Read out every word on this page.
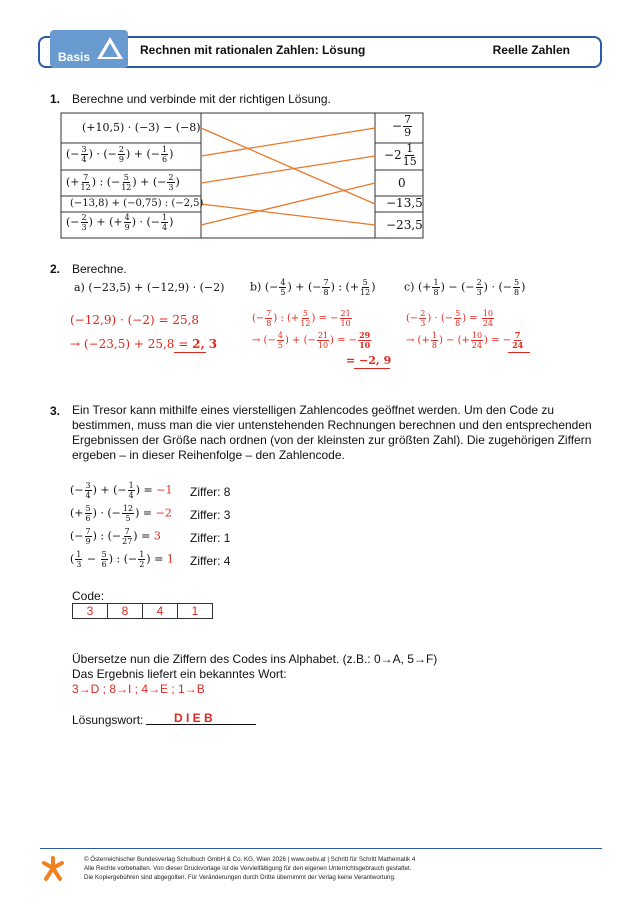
Basis	Rechnen mit rationalen Zahlen: Lösung	Reelle Zahlen
1. Berechne und verbinde mit der richtigen Lösung.
(+10,5) · (−3) − (−8)
(− $\frac{3}{4}$ ) · (− $\frac{2}{9}$ ) + (− $\frac{1}{6}$ )
(+ $\frac{7}{12}$ ) : (− $\frac{5}{12}$ ) + (− $\frac{2}{3}$ )
(−13,8) + (−0,75) : (−2,5)
(− $\frac{2}{3}$ ) + (+ $\frac{4}{9}$ ) · (− $\frac{1}{4}$ )
− $\frac{7}{9}$
$-2 \frac{1}{15}$
0
−13,5
−23,5
2. Berechne.
a) (−23,5) + (−12,9) · (−2) b) (− $\frac{4}{5}$ ) + (− $\frac{7}{8}$ ) : (+ $\frac{5}{12}$ )	c) (+ $\frac{1}{8}$ ) − (− $\frac{2}{3}$ ) · (− $\frac{5}{8}$ )
(−12,9) · (−2) = 25,8
→ (−23,5) + 25,8 = 2, 3
(− $\frac{7}{8}$ ) : (+ $\frac{5}{12}$ ) = − $\frac{21}{10}$
→ (− $\frac{4}{5}$ ) + (− $\frac{21}{10}$ ) = − $\frac{29}{10}$
= −2, 9
(− $\frac{2}{3}$ ) · (− $\frac{5}{8}$ ) = $\frac{10}{24}$
→ (+ $\frac{1}{8}$ ) − (+ $\frac{10}{24}$ ) = − $\frac{7}{24}$
3. Ein Tresor kann mithilfe eines vierstelligen Zahlencodes geöffnet werden. Um den Code zu bestimmen, muss man die vier untenstehenden Rechnungen berechnen und den entsprechenden Ergebnissen der Größe nach ordnen (von der kleinsten zur größten Zahl). Die zugehörigen Ziffern ergeben – in dieser Reihenfolge – den Zahlencode.
(− $\frac{3}{4}$ ) + (− $\frac{1}{4}$ ) = −1
(+ $\frac{5}{6}$ ) · (− $\frac{12}{5}$ ) = −2
(− $\frac{7}{9}$ ) : (− $\frac{7}{27}$ ) = 3
( $\frac{1}{3} - \frac{5}{6}$ ) : (− $\frac{1}{2}$ ) = 1
Ziffer: 8
Ziffer: 3
Ziffer: 1
Ziffer: 4
Code:
3	8	4	1
Übersetze nun die Ziffern des Codes ins Alphabet. (z.B.: 0→A, 5→F)
Das Ergebnis liefert ein bekanntes Wort:
3→D ; 8→I ; 4→E ; 1→B
Lösungswort:	D I E B
© Österreichischer Bundesverlag Schulbuch GmbH & Co. KG, Wien 2026 | www.oebv.at | Schritt für Schritt Mathematik 4
Alle Rechte vorbehalten. Von dieser Druckvorlage ist die Vervielfältigung für den eigenen Unterrichtsgebrauch gestattet.
Die Kopiergebühren sind abgegolten. Für Veränderungen durch Dritte übernimmt der Verlag keine Verantwortung.
